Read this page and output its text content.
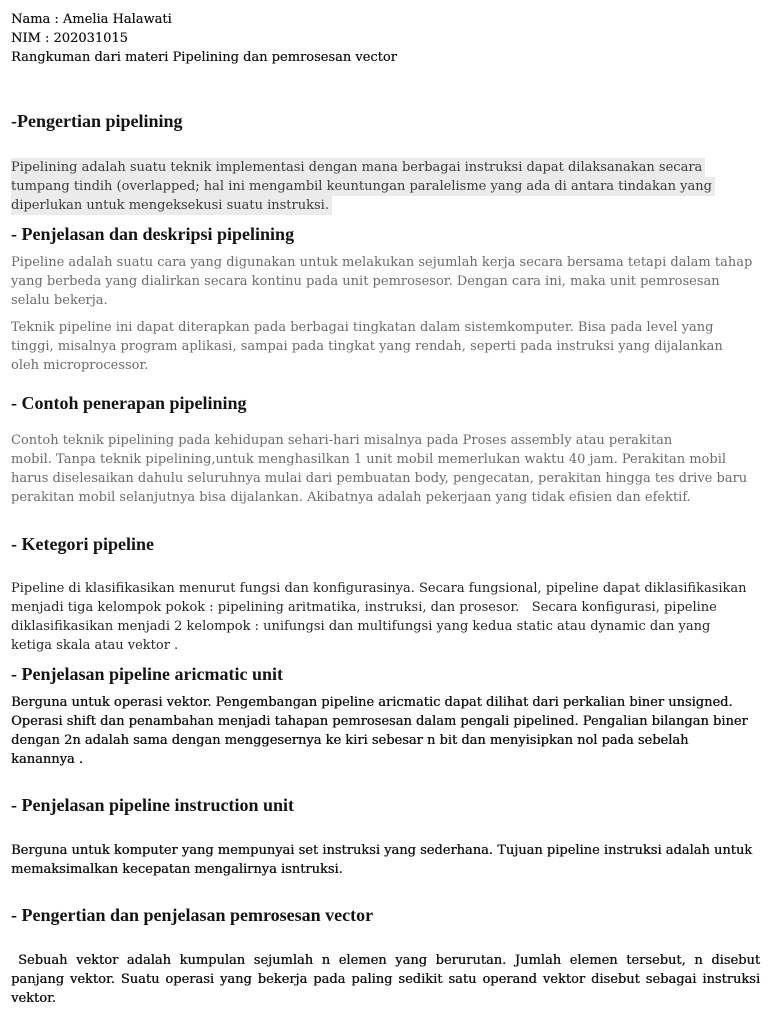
Nama : Amelia Halawati
NIM : 202031015
Rangkuman dari materi Pipelining dan pemrosesan vector
-Pengertian pipelining
Pipelining adalah suatu teknik implementasi dengan mana berbagai instruksi dapat dilaksanakan secara
tumpang tindih (overlapped; hal ini mengambil keuntungan paralelisme yang ada di antara tindakan yang
diperlukan untuk mengeksekusi suatu instruksi.
- Penjelasan dan deskripsi pipelining
Pipeline adalah suatu cara yang digunakan untuk melakukan sejumlah kerja secara bersama tetapi dalam tahap
yang berbeda yang dialirkan secara kontinu pada unit pemrosesor. Dengan cara ini, maka unit pemrosesan
selalu bekerja.
Teknik pipeline ini dapat diterapkan pada berbagai tingkatan dalam sistemkomputer. Bisa pada level yang
tinggi, misalnya program aplikasi, sampai pada tingkat yang rendah, seperti pada instruksi yang dijalankan
oleh microprocessor.
- Contoh penerapan pipelining
Contoh teknik pipelining pada kehidupan sehari-hari misalnya pada Proses assembly atau perakitan
mobil. Tanpa teknik pipelining,untuk menghasilkan 1 unit mobil memerlukan waktu 40 jam. Perakitan mobil
harus diselesaikan dahulu seluruhnya mulai dari pembuatan body, pengecatan, perakitan hingga tes drive baru
perakitan mobil selanjutnya bisa dijalankan. Akibatnya adalah pekerjaan yang tidak efisien dan efektif.
- Ketegori pipeline
Pipeline di klasifikasikan menurut fungsi dan konfigurasinya. Secara fungsional, pipeline dapat diklasifikasikan
menjadi tiga kelompok pokok : pipelining aritmatika, instruksi, dan prosesor.   Secara konfigurasi, pipeline
diklasifikasikan menjadi 2 kelompok : unifungsi dan multifungsi yang kedua static atau dynamic dan yang
ketiga skala atau vektor .
- Penjelasan pipeline aricmatic unit
Berguna untuk operasi vektor. Pengembangan pipeline aricmatic dapat dilihat dari perkalian biner unsigned.
Operasi shift dan penambahan menjadi tahapan pemrosesan dalam pengali pipelined. Pengalian bilangan biner
dengan 2n adalah sama dengan menggesernya ke kiri sebesar n bit dan menyisipkan nol pada sebelah
kanannya .
- Penjelasan pipeline instruction unit
Berguna untuk komputer yang mempunyai set instruksi yang sederhana. Tujuan pipeline instruksi adalah untuk
memaksimalkan kecepatan mengalirnya isntruksi.
- Pengertian dan penjelasan pemrosesan vector
Sebuah vektor adalah kumpulan sejumlah n elemen yang berurutan. Jumlah elemen tersebut, n disebut
panjang vektor. Suatu operasi yang bekerja pada paling sedikit satu operand vektor disebut sebagai instruksi
vektor.
